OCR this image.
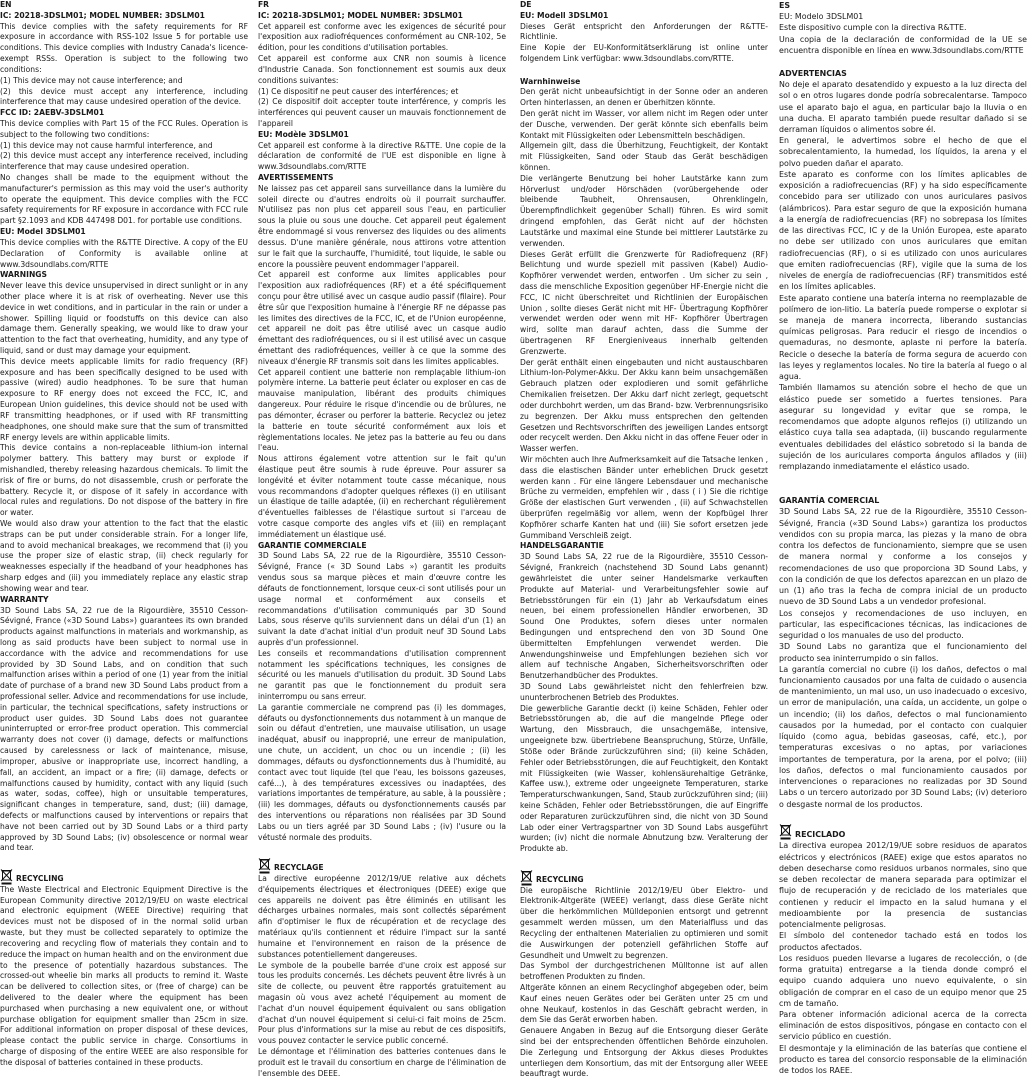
EN

IC: 20218-3DSLM01; MODEL NUMBER: 3DSLM01

This device complies with the safety requirements for RF exposure in accordance with RSS-102 Issue 5 for portable use conditions. This device complies with Industry Canada's licence-exempt RSSs. Operation is subject to the following two conditions:

(1) This device may not cause interference; and

(2) this device must accept any interference, including interference that may cause undesired operation of the device.

FCC ID: 2AEBV-3DSLM01

This device complies with Part 15 of the FCC Rules. Operation is subject to the following two conditions:

(1) this device may not cause harmful interference, and

(2) this device must accept any interference received, including interference that may cause undesired operation.

No changes shall be made to the equipment without the manufacturer's permission as this may void the user's authority to operate the equipment. This device complies with the FCC safety requirements for RF exposure in accordance with FCC rule part §2.1093 and KDB 447498 D01. for portable use conditions.

EU: Model 3DSLM01

This device complies with the R&TTE Directive. A copy of the EU Declaration of Conformity is available online at www.3dsoundlabs.com/RTTE

WARNINGS

Never leave this device unsupervised in direct sunlight or in any other place where it is at risk of overheating. Never use this device in wet conditions, and in particular in the rain or under a shower. Spilling liquid or foodstuffs on this device can also damage them. Generally speaking, we would like to draw your attention to the fact that overheating, humidity, and any type of liquid, sand or dust may damage your equipment.

This device meets applicable limits for radio frequency (RF) exposure and has been specifically designed to be used with passive (wired) audio headphones. To be sure that human exposure to RF energy does not exceed the FCC, IC, and European Union guidelines, this device should not be used with RF transmitting headphones, or if used with RF transmitting headphones, one should make sure that the sum of transmitted RF energy levels are within applicable limits.

This device contains a non-replaceable lithium-ion internal polymer battery. This battery may burst or explode if mishandled, thereby releasing hazardous chemicals. To limit the risk of fire or burns, do not disassemble, crush or perforate the battery. Recycle it, or dispose of it safely in accordance with local rules and regulations. Do not dispose of the battery in fire or water.

We would also draw your attention to the fact that the elastic straps can be put under considerable strain. For a longer life, and to avoid mechanical breakages, we recommend that (i) you use the proper size of elastic strap, (ii) check regularly for weaknesses especially if the headband of your headphones has sharp edges and (iii) you immediately replace any elastic strap showing wear and tear.

WARRANTY

3D Sound Labs SA, 22 rue de la Rigourdière, 35510 Cesson-Sévigné, France («3D Sound Labs») guarantees its own branded products against malfunctions in materials and workmanship, as long as said products have been subject to normal use in accordance with the advice and recommendations for use provided by 3D Sound Labs, and on condition that such malfunction arises within a period of one (1) year from the initial date of purchase of a brand new 3D Sound Labs product from a professional seller. Advice and recommendations for use include, in particular, the technical specifications, safety instructions or product user guides. 3D Sound Labs does not guarantee uninterrupted or error-free product operation. This commercial warranty does not cover (i) damage, defects or malfunctions caused by carelessness or lack of maintenance, misuse, improper, abusive or inappropriate use, incorrect handling, a fall, an accident, an impact or a fire; (ii) damage, defects or malfunctions caused by humidity, contact with any liquid (such as water, sodas, coffee), high or unsuitable temperatures, significant changes in temperature, sand, dust; (iii) damage, defects or malfunctions caused by interventions or repairs that have not been carried out by 3D Sound Labs or a third party approved by 3D Sound Labs; (iv) obsolescence or normal wear and tear.

RECYCLING

The Waste Electrical and Electronic Equipment Directive is the European Community directive 2012/19/EU on waste electrical and electronic equipment (WEEE Directive) requiring that devices must not be disposed of in the normal solid urban waste, but they must be collected separately to optimize the recovering and recycling flow of materials they contain and to reduce the impact on human health and on the environment due to the presence of potentially hazardous substances. The crossed-out wheelie bin marks all products to remind it. Waste can be delivered to collection sites, or (free of charge) can be delivered to the dealer where the equipment has been purchased when purchasing a new equivalent one, or without purchase obligation for equipment smaller than 25cm in size. For additional information on proper disposal of these devices, please contact the public service in charge. Consortiums in charge of disposing of the entire WEEE are also responsible for the disposal of batteries contained in these products.

FR

IC: 20218-3DSLM01; MODEL NUMBER: 3DSLM01

Cet appareil est conforme avec les exigences de sécurité pour l'exposition aux radiofréquences conformément au CNR-102, 5e édition, pour les conditions d'utilisation portables.

Cet appareil est conforme aux CNR non soumis à licence d'Industrie Canada. Son fonctionnement est soumis aux deux conditions suivantes:

(1) Ce dispositif ne peut causer des interférences; et

(2) Ce dispositif doit accepter toute interférence, y compris les interférences qui peuvent causer un mauvais fonctionnement de l'appareil

EU: Modèle 3DSLM01

Cet appareil est conforme à la directive R&TTE. Une copie de la déclaration de conformité de l'UE est disponible en ligne à www.3dsoundlabs.com/RTTE

AVERTISSEMENTS

Ne laissez pas cet appareil sans surveillance dans la lumière du soleil directe ou d'autres endroits où il pourrait surchauffer. N'utilisez pas non plus cet appareil sous l'eau, en particulier sous la pluie ou sous une douche. Cet appareil peut également être endommagé si vous renversez des liquides ou des aliments dessus. D'une manière générale, nous attirons votre attention sur le fait que la surchauffe, l'humidité, tout liquide, le sable ou encore la poussière peuvent endommager l'appareil.

Cet appareil est conforme aux limites applicables pour l'exposition aux radiofréquences (RF) et a été spécifiquement conçu pour être utilisé avec un casque audio passif (filaire). Pour être sûr que l'exposition humaine à l'énergie RF ne dépasse pas les limites des directives de la FCC, IC, et de l'Union européenne, cet appareil ne doit pas être utilisé avec un casque audio émettant des radiofréquences, ou si il est utilisé avec un casque émettant des radiofréquences, veiller à ce que la somme des niveaux d'énergie RF transmis soit dans les limites applicables.

Cet appareil contient une batterie non remplaçable lithium-ion polymère interne. La batterie peut éclater ou exploser en cas de mauvaise manipulation, libérant des produits chimiques dangereux. Pour réduire le risque d'incendie ou de brûlures, ne pas démonter, écraser ou perforer la batterie. Recyclez ou jetez la batterie en toute sécurité conformément aux lois et règlementations locales. Ne jetez pas la batterie au feu ou dans l'eau.

Nous attirons également votre attention sur le fait qu'un élastique peut être soumis à rude épreuve. Pour assurer sa longévité et éviter notamment toute casse mécanique, nous vous recommandons d'adopter quelques réflexes (i) en utilisant un élastique de taille adaptée, (ii) en recherchant régulièrement d'éventuelles faiblesses de l'élastique surtout si l'arceau de votre casque comporte des angles vifs et (iii) en remplaçant immédiatement un élastique usé.

GARANTIE COMMERCIALE

3D Sound Labs SA, 22 rue de la Rigourdière, 35510 Cesson-Sévigné, France (« 3D Sound Labs ») garantit les produits vendus sous sa marque pièces et main d'œuvre contre les défauts de fonctionnement, lorsque ceux-ci sont utilisés pour un usage normal et conformément aux conseils et recommandations d'utilisation communiqués par 3D Sound Labs, sous réserve qu'ils surviennent dans un délai d'un (1) an suivant la date d'achat initial d'un produit neuf 3D Sound Labs auprès d'un professionnel.

Les conseils et recommandations d'utilisation comprennent notamment les spécifications techniques, les consignes de sécurité ou les manuels d'utilisation du produit. 3D Sound Labs ne garantit pas que le fonctionnement du produit sera ininterrompu ou sans erreur.

La garantie commerciale ne comprend pas (i) les dommages, défauts ou dysfonctionnements dus notamment à un manque de soin ou défaut d'entretien, une mauvaise utilisation, un usage inadéquat, abusif ou inapproprié, une erreur de manipulation, une chute, un accident, un choc ou un incendie ; (ii) les dommages, défauts ou dysfonctionnements dus à l'humidité, au contact avec tout liquide (tel que l'eau, les boissons gazeuses, café...), à des températures excessives ou inadaptées, des variations importantes de température, au sable, à la poussière ; (iii) les dommages, défauts ou dysfonctionnements causés par des interventions ou réparations non réalisées par 3D Sound Labs ou un tiers agréé par 3D Sound Labs ; (iv) l'usure ou la vétusté normale des produits.

RECYCLAGE

La directive européenne 2012/19/UE relative aux déchets d'équipements électriques et électroniques (DEEE) exige que ces appareils ne doivent pas être éliminés en utilisant les décharges urbaines normales, mais sont collectés séparément afin d'optimiser le flux de récupération et de recyclage des matériaux qu'ils contiennent et réduire l'impact sur la santé humaine et l'environnement en raison de la présence de substances potentiellement dangereuses.

Le symbole de la poubelle barrée d'une croix est apposé sur tous les produits concernés. Les déchets peuvent être livrés à un site de collecte, ou peuvent être rapportés gratuitement au magasin où vous avez acheté l'équipement au moment de l'achat d'un nouvel équipement équivalent ou sans obligation d'achat d'un nouvel équipement si celui-ci fait moins de 25cm. Pour plus d'informations sur la mise au rebut de ces dispositifs, vous pouvez contacter le service public concerné.

Le démontage et l'élimination des batteries contenues dans le produit est le travail du consortium en charge de l'élimination de l'ensemble des DEEE.

DE

EU: Modell 3DSLM01

Dieses Gerät entspricht den Anforderungen der R&TTE-Richtlinie.

Eine Kopie der EU-Konformitätserklärung ist online unter folgendem Link verfügbar: www.3dsoundlabs.com/RTTE.

Warnhinweise

Den gerät nicht unbeaufsichtigt in der Sonne oder an anderen Orten hinterlassen, an denen er überhitzen könnte.

Den gerät nicht im Wasser, vor allem nicht im Regen oder unter der Dusche, verwenden. Der gerät könnte sich ebenfalls beim Kontakt mit Flüssigkeiten oder Lebensmitteln beschädigen.

Allgemein gilt, dass die Überhitzung, Feuchtigkeit, der Kontakt mit Flüssigkeiten, Sand oder Staub das Gerät beschädigen können.

Die verlängerte Benutzung bei hoher Lautstärke kann zum Hörverlust und/oder Hörschäden (vorübergehende oder bleibende Taubheit, Ohrensausen, Ohrenklingeln, Überempfindlichkeit gegenüber Schall) führen. Es wird somit dringend empfohlen, das Gerät nicht auf der höchsten Lautstärke und maximal eine Stunde bei mittlerer Lautstärke zu verwenden.

Dieses Gerät erfüllt die Grenzwerte für Radiofrequenz (RF) Belichtung und wurde speziell mit passiven (Kabel) Audio- Kopfhörer verwendet werden, entworfen . Um sicher zu sein , dass die menschliche Exposition gegenüber HF-Energie nicht die FCC, IC nicht überschreitet und Richtlinien der Europäischen Union , sollte dieses Gerät nicht mit HF- Übertragung Kopfhörer verwendet werden oder wenn mit HF- Kopfhörer Übertragen wird, sollte man darauf achten, dass die Summe der übertragenen RF Energieniveaus innerhalb geltenden Grenzwerte.

Der gerät enthält einen eingebauten und nicht austauschbaren Lithium-Ion-Polymer-Akku. Der Akku kann beim unsachgemäßen Gebrauch platzen oder explodieren und somit gefährliche Chemikalien freisetzen. Der Akku darf nicht zerlegt, gequetscht oder durchbohrt werden, um das Brand- bzw. Verbrennungsrisiko zu begrenzen. Der Akku muss entsprechen den geltenden Gesetzen und Rechtsvorschriften des jeweiligen Landes entsorgt oder recycelt werden. Den Akku nicht in das offene Feuer oder in Wasser werfen.

Wir möchten auch Ihre Aufmerksamkeit auf die Tatsache lenken , dass die elastischen Bänder unter erheblichen Druck gesetzt werden kann . Für eine längere Lebensdauer und mechanische Brüche zu vermeiden, empfehlen wir , dass ( i ) Sie die richtige Größe der elastischen Gurt verwenden , (ii) auf Schwachstellen überprüfen regelmäßig vor allem, wenn der Kopfbügel Ihrer Kopfhörer scharfe Kanten hat und (iii) Sie sofort ersetzen jede Gummiband Verschleiß zeigt.

HANDELSGARANTIE

3D Sound Labs SA, 22 rue de la Rigourdière, 35510 Cesson-Sévigné, Frankreich (nachstehend 3D Sound Labs genannt) gewährleistet die unter seiner Handelsmarke verkauften Produkte auf Material- und Verarbeitungsfehler sowie auf Betriebsstörungen für ein (1) Jahr ab Verkaufsdatum eines neuen, bei einem professionellen Händler erworbenen, 3D Sound One Produktes, sofern dieses unter normalen Bedingungen und entsprechend den von 3D Sound One übermittelten Empfehlungen verwendet werden. Die Anwendungshinweise und Empfehlungen beziehen sich vor allem auf technische Angaben, Sicherheitsvorschriften oder Benutzerhandbücher des Produktes.

3D Sound Labs gewährleistet nicht den fehlerfreien bzw. ununterbrochenen Betrieb des Produktes.

Die gewerbliche Garantie deckt (i) keine Schäden, Fehler oder Betriebsstörungen ab, die auf die mangelnde Pflege oder Wartung, den Missbrauch, die unsachgemäße, intensive, ungeeignete bzw. übertriebene Beanspruchung, Stürze, Unfälle, Stöße oder Brände zurückzuführen sind; (ii) keine Schäden, Fehler oder Betriebsstörungen, die auf Feuchtigkeit, den Kontakt mit Flüssigkeiten (wie Wasser, kohlensäurehaltige Getränke, Kaffee usw.), extreme oder ungeeignete Temperaturen, starke Temperaturschwankungen, Sand, Staub zurückzuführen sind; (iii) keine Schäden, Fehler oder Betriebsstörungen, die auf Eingriffe oder Reparaturen zurückzuführen sind, die nicht von 3D Sound Lab oder einer Vertragspartner von 3D Sound Labs ausgeführt wurden; (iv) nicht die normale Abnutzung bzw. Veralterung der Produkte ab.

RECYCLING

Die europäische Richtlinie 2012/19/EU über Elektro- und Elektronik-Altgeräte (WEEE) verlangt, dass diese Geräte nicht über die herkömmlichen Mülldeponien entsorgt und getrennt gesammelt werden müssen, um den Materialfluss und das Recycling der enthaltenen Materialien zu optimieren und somit die Auswirkungen der potenziell gefährlichen Stoffe auf Gesundheit und Umwelt zu begrenzen.

Das Symbol der durchgestrichenen Mülltonne ist auf allen betroffenen Produkten zu finden.

Altgeräte können an einem Recyclinghof abgegeben oder, beim Kauf eines neuen Gerätes oder bei Geräten unter 25 cm und ohne Neukauf, kostenlos in das Geschäft gebracht werden, in dem Sie das Gerät erworben haben.

Genauere Angaben in Bezug auf die Entsorgung dieser Geräte sind bei der entsprechenden öffentlichen Behörde einzuholen. Die Zerlegung und Entsorgung der Akkus dieses Produktes unterliegen dem Konsortium, das mit der Entsorgung aller WEEE beauftragt wurde.

ES

EU: Modelo 3DSLM01

Este dispositivo cumple con la directiva R&TTE.

Una copia de la declaración de conformidad de la UE se encuentra disponible en línea en www.3dsoundlabs.com/RTTE

ADVERTENCIAS

No deje el aparato desatendido y expuesto a la luz directa del sol o en otros lugares donde podría sobrecalentarse. Tampoco use el aparato bajo el agua, en particular bajo la lluvia o en una ducha. El aparato también puede resultar dañado si se derraman líquidos o alimentos sobre él.

En general, le advertimos sobre el hecho de que el sobrecalentamiento, la humedad, los líquidos, la arena y el polvo pueden dañar el aparato.

Este aparato es conforme con los límites aplicables de exposición a radiofrecuencias (RF) y ha sido específicamente concebido para ser utilizado con unos auriculares pasivos (alámbricos). Para estar seguro de que la exposición humana a la energía de radiofrecuencias (RF) no sobrepasa los límites de las directivas FCC, IC y de la Unión Europea, este aparato no debe ser utilizado con unos auriculares que emitan radiofrecuencias (RF), o si es utilizado con unos auriculares que emiten radiofrecuencias (RF), vigile que la suma de los niveles de energía de radiofrecuencias (RF) transmitidos esté en los límites aplicables.

Este aparato contiene una batería interna no reemplazable de polímero de ion-litio. La batería puede romperse o explotar si se maneja de manera incorrecta, liberando sustancias químicas peligrosas. Para reducir el riesgo de incendios o quemaduras, no desmonte, aplaste ni perfore la batería. Recicle o deseche la batería de forma segura de acuerdo con las leyes y reglamentos locales. No tire la batería al fuego o al agua.

También llamamos su atención sobre el hecho de que un elástico puede ser sometido a fuertes tensiones. Para asegurar su longevidad y evitar que se rompa, le recomendamos que adopte algunos reflejos (i) utilizando un elástico cuya talla sea adaptada, (ii) buscando regularmente eventuales debilidades del elástico sobretodo si la banda de sujeción de los auriculares comporta ángulos afilados y (iii) remplazando inmediatamente el elástico usado.

GARANTÍA COMERCIAL

3D Sound Labs SA, 22 rue de la Rigourdière, 35510 Cesson-Sévigné, Francia («3D Sound Labs») garantiza los productos vendidos con su propia marca, las piezas y la mano de obra contra los defectos de funcionamiento, siempre que se usen de manera normal y conforme a los consejos y recomendaciones de uso que proporciona 3D Sound Labs, y con la condición de que los defectos aparezcan en un plazo de un (1) año tras la fecha de compra inicial de un producto nuevo de 3D Sound Labs a un vendedor profesional.

Los consejos y recomendaciones de uso incluyen, en particular, las especificaciones técnicas, las indicaciones de seguridad o los manuales de uso del producto.

3D Sound Labs no garantiza que el funcionamiento del producto sea ininterrumpido o sin fallos.

La garantía comercial no cubre (i) los daños, defectos o mal funcionamiento causados por una falta de cuidado o ausencia de mantenimiento, un mal uso, un uso inadecuado o excesivo, un error de manipulación, una caída, un accidente, un golpe o un incendio; (ii) los daños, defectos o mal funcionamiento causados por la humedad, por el contacto con cualquier líquido (como agua, bebidas gaseosas, café, etc.), por temperaturas excesivas o no aptas, por variaciones importantes de temperatura, por la arena, por el polvo; (iii) los daños, defectos o mal funcionamiento causados por intervenciones o reparaciones no realizadas por 3D Sound Labs o un tercero autorizado por 3D Sound Labs; (iv) deterioro o desgaste normal de los productos.

RECICLADO

La directiva europea 2012/19/UE sobre residuos de aparatos eléctricos y electrónicos (RAEE) exige que estos aparatos no deben desecharse como residuos urbanos normales, sino que se deben recolectar de manera separada para optimizar el flujo de recuperación y de reciclado de los materiales que contienen y reducir el impacto en la salud humana y el medioambiente por la presencia de sustancias potencialmente peligrosas.

El símbolo del contenedor tachado está en todos los productos afectados.

Los residuos pueden llevarse a lugares de recolección, o (de forma gratuita) entregarse a la tienda donde compró el equipo cuando adquiera uno nuevo equivalente, o sin obligación de comprar en el caso de un equipo menor que 25 cm de tamaño.

Para obtener información adicional acerca de la correcta eliminación de estos dispositivos, póngase en contacto con el servicio público en cuestión.

El desmontaje y la eliminación de las baterías que contiene el producto es tarea del consorcio responsable de la eliminación de todos los RAEE.
